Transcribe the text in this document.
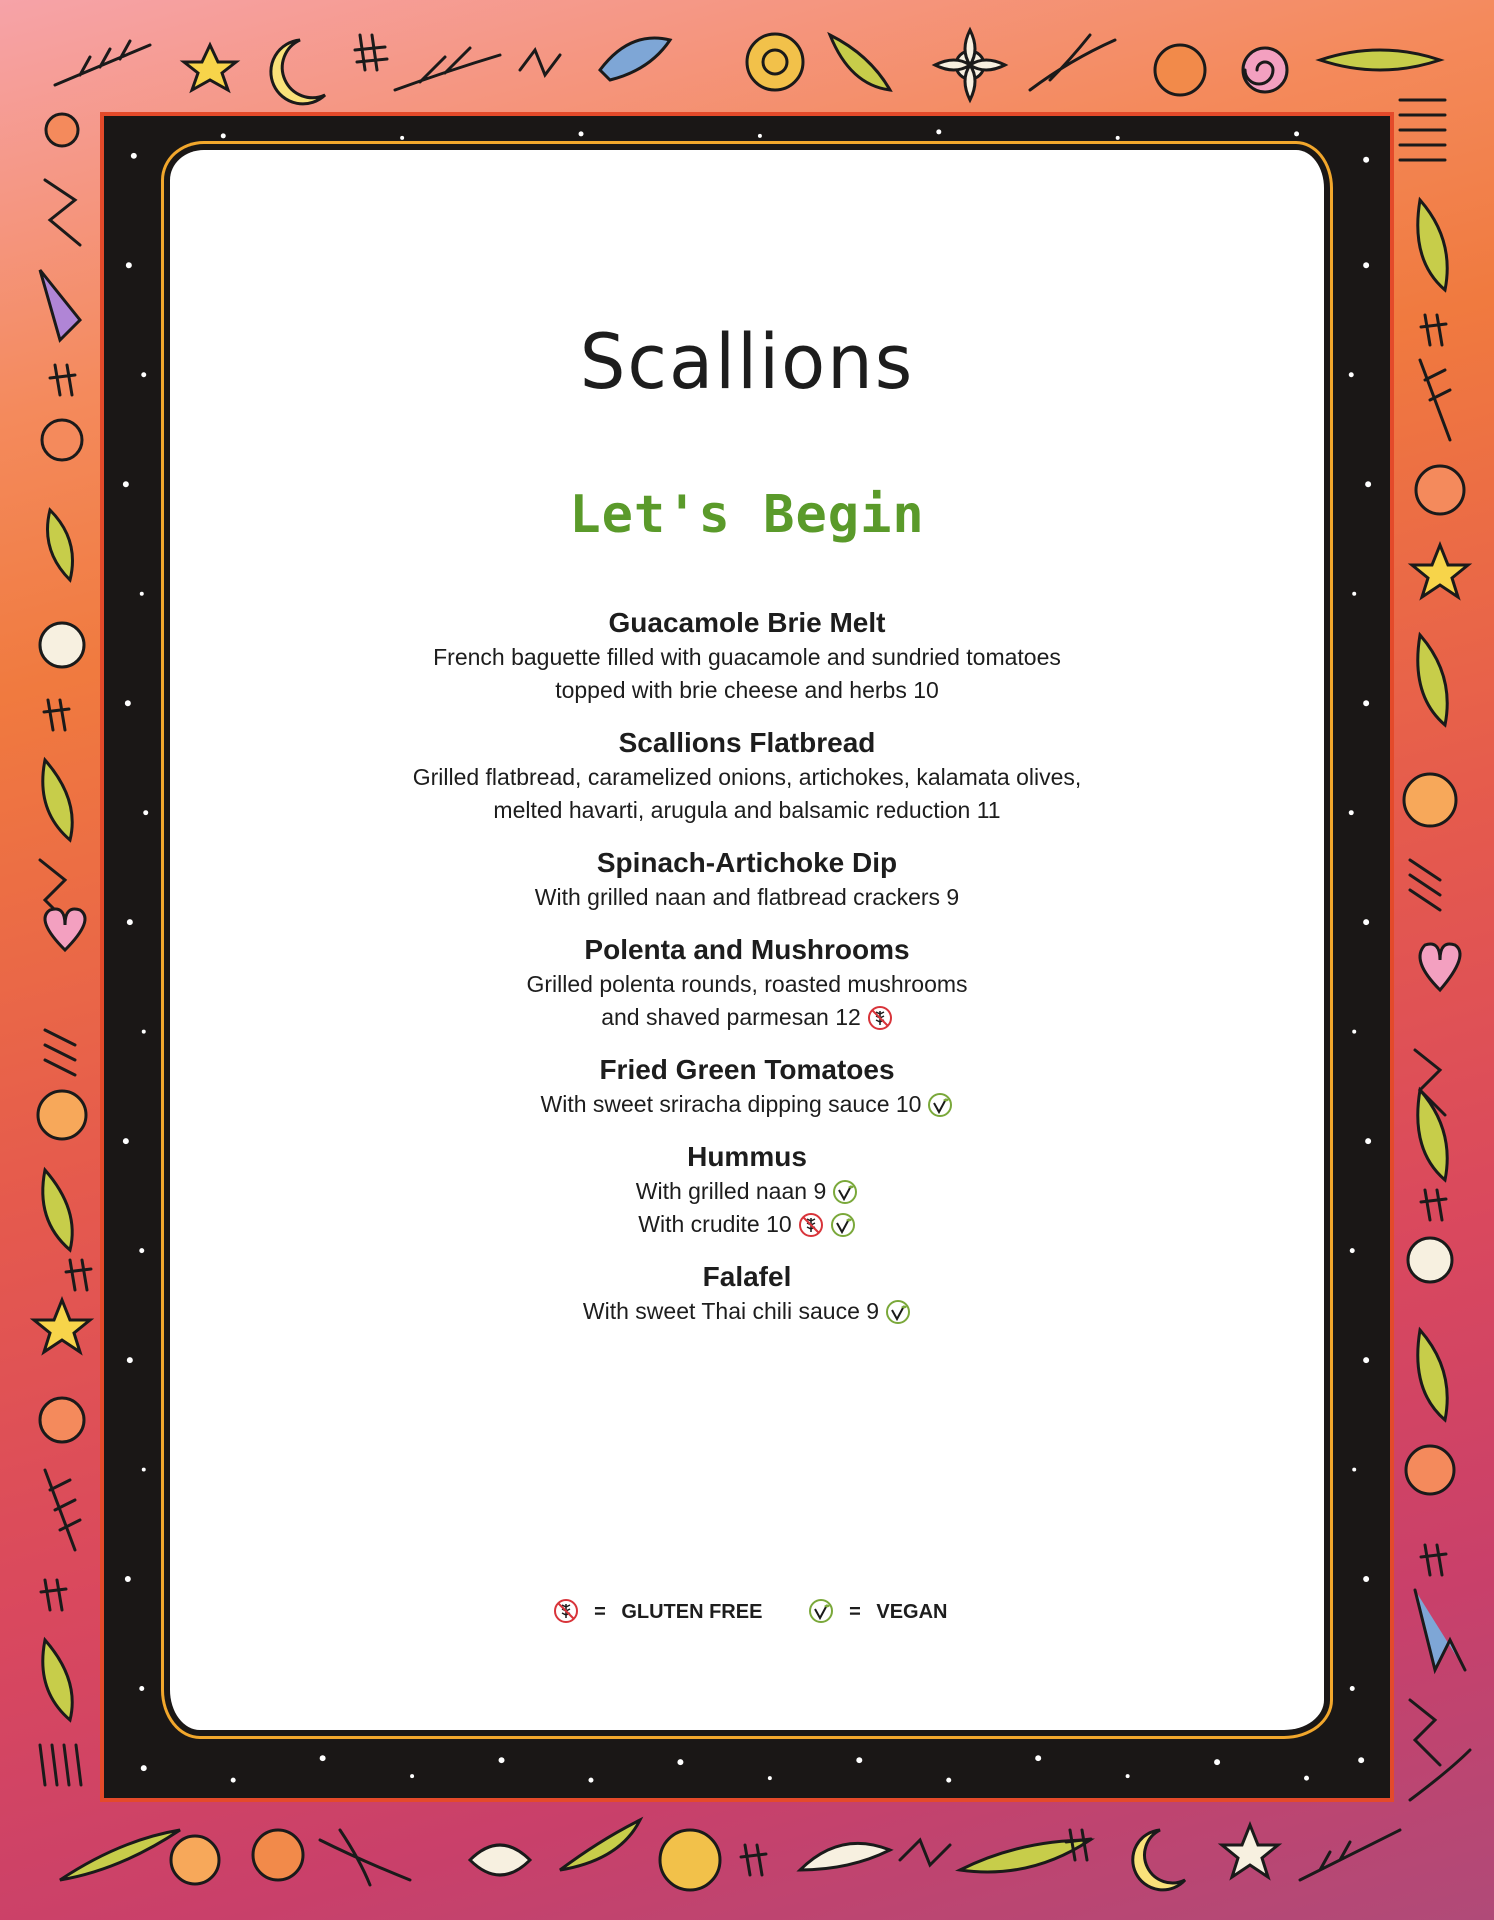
Scallions
Let's Begin
Guacamole Brie Melt
French baguette filled with guacamole and sundried tomatoes
topped with brie cheese and herbs 10
Scallions Flatbread
Grilled flatbread, caramelized onions, artichokes, kalamata olives,
melted havarti, arugula and balsamic reduction 11
Spinach-Artichoke Dip
With grilled naan and flatbread crackers 9
Polenta and Mushrooms
Grilled polenta rounds, roasted mushrooms
and shaved parmesan 12
Fried Green Tomatoes
With sweet sriracha dipping sauce 10
Hummus
With grilled naan 9
With crudite 10
Falafel
With sweet Thai chili sauce 9
= GLUTEN FREE	= VEGAN
